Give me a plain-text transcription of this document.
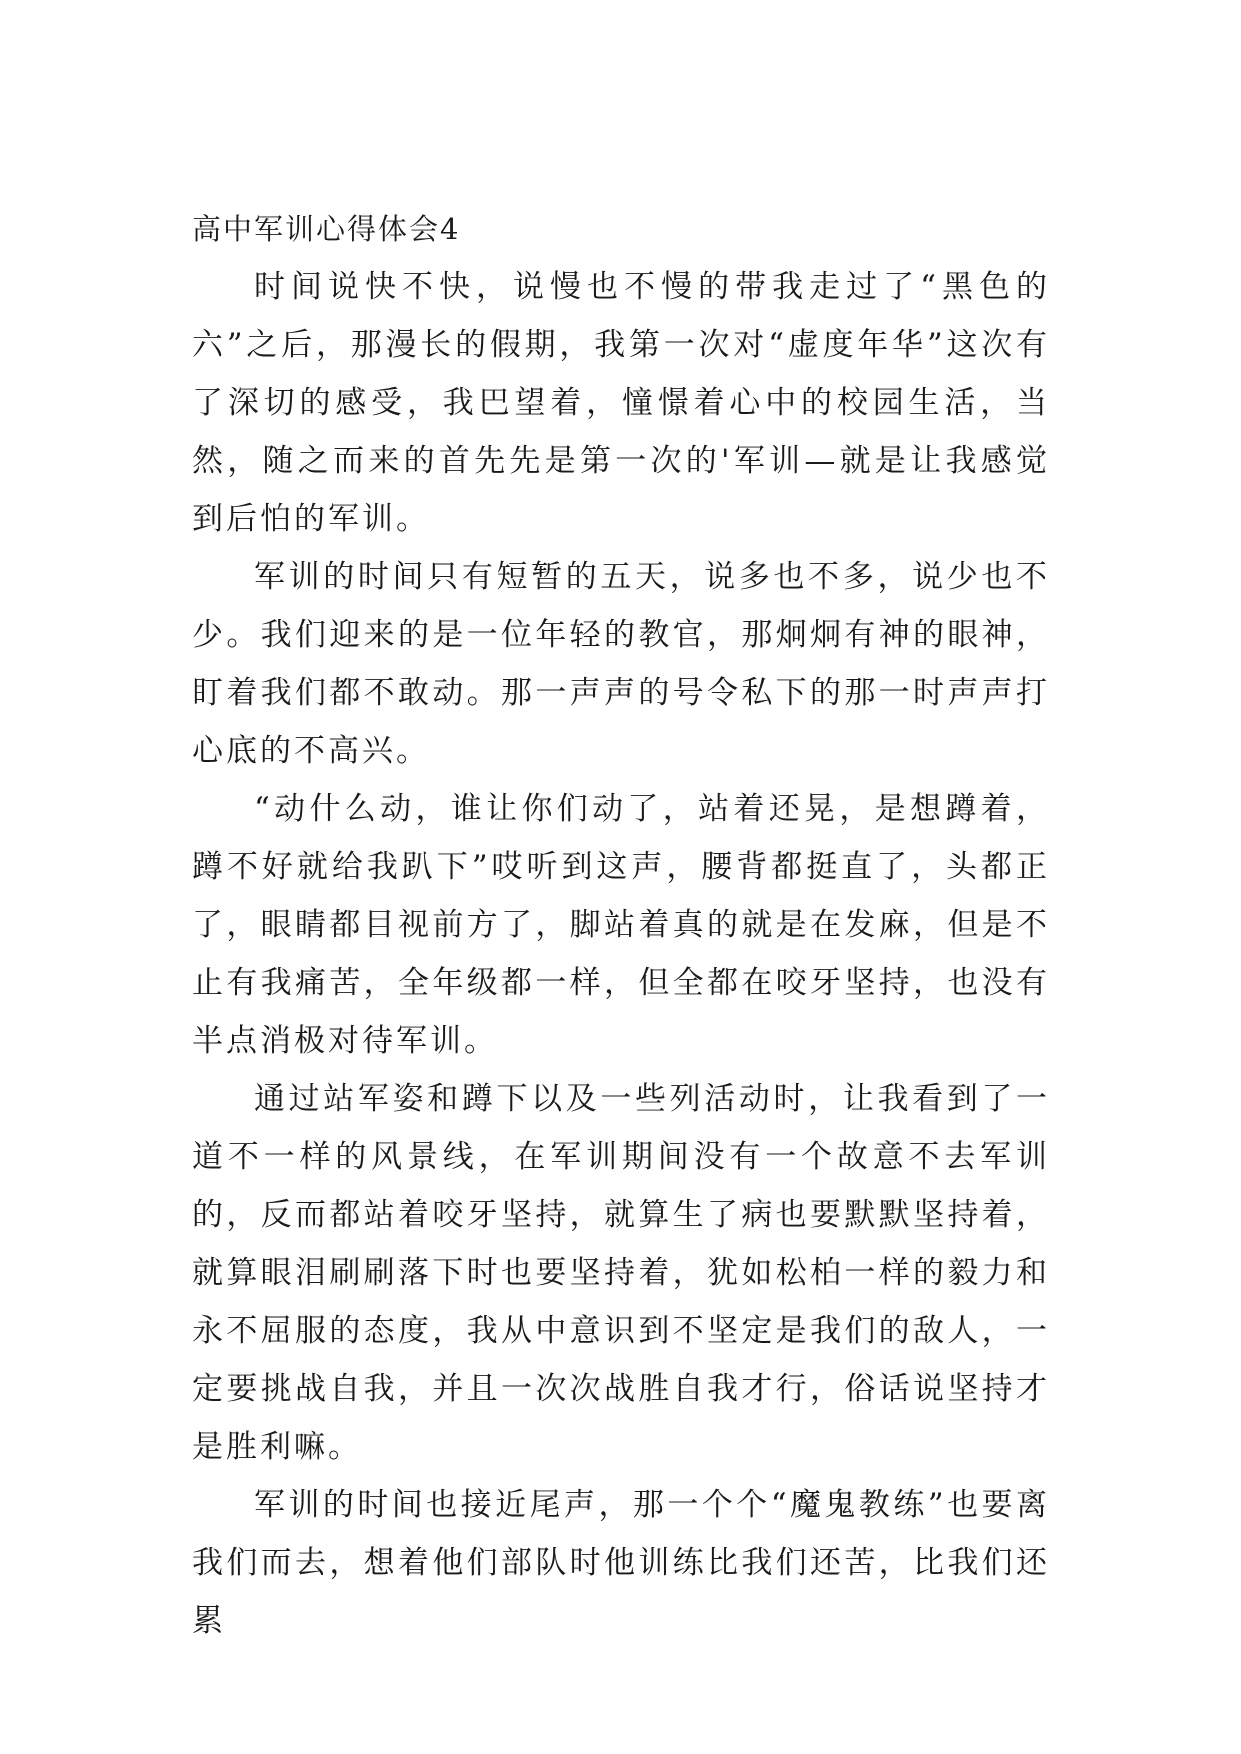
高中军训心得体会4

时间说快不快，说慢也不慢的带我走过了“黑色的六”之后，那漫长的假期，我第一次对“虚度年华”这次有了深切的感受，我巴望着，憧憬着心中的校园生活，当然，随之而来的首先先是第一次的'军训—就是让我感觉到后怕的军训。

军训的时间只有短暂的五天，说多也不多，说少也不少。我们迎来的是一位年轻的教官，那炯炯有神的眼神，盯着我们都不敢动。那一声声的号令私下的那一时声声打心底的不高兴。

“动什么动，谁让你们动了，站着还晃，是想蹲着，蹲不好就给我趴下”哎听到这声，腰背都挺直了，头都正了，眼睛都目视前方了，脚站着真的就是在发麻，但是不止有我痛苦，全年级都一样，但全都在咬牙坚持，也没有半点消极对待军训。

通过站军姿和蹲下以及一些列活动时，让我看到了一道不一样的风景线，在军训期间没有一个故意不去军训的，反而都站着咬牙坚持，就算生了病也要默默坚持着，就算眼泪刷刷落下时也要坚持着，犹如松柏一样的毅力和永不屈服的态度，我从中意识到不坚定是我们的敌人，一定要挑战自我，并且一次次战胜自我才行，俗话说坚持才是胜利嘛。

军训的时间也接近尾声，那一个个“魔鬼教练”也要离我们而去，想着他们部队时他训练比我们还苦，比我们还累
